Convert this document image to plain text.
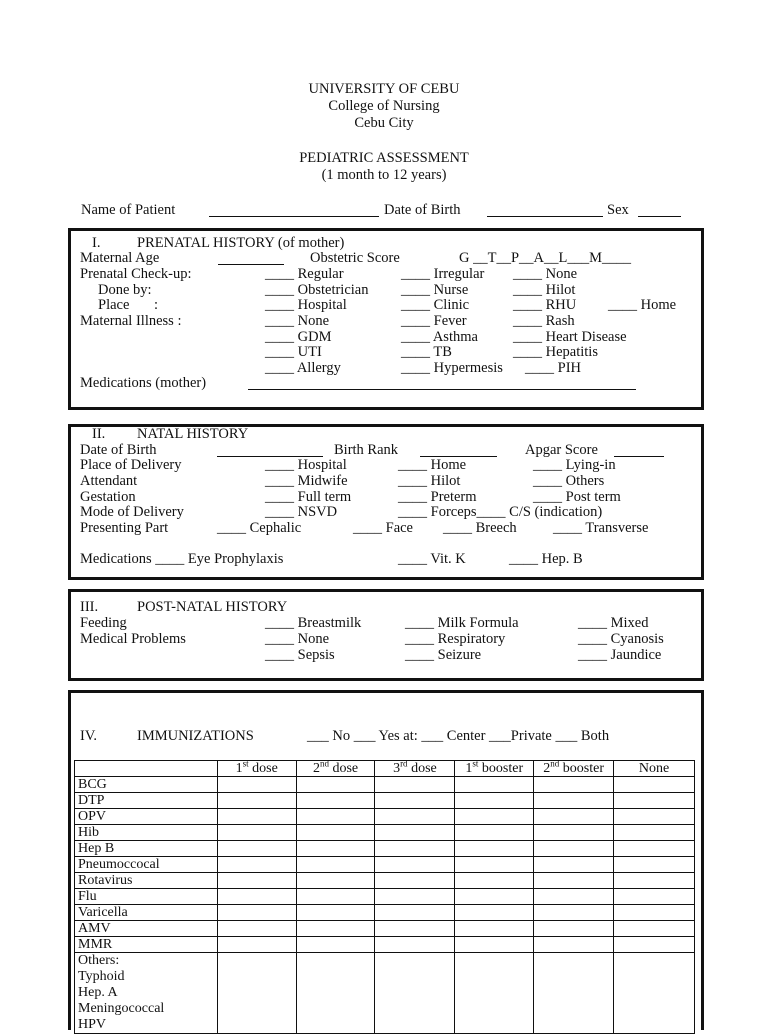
UNIVERSITY OF CEBU
College of Nursing
Cebu City
PEDIATRIC ASSESSMENT
(1 month to 12 years)
Name of Patient	Date of Birth	Sex
I.	PRENATAL HISTORY (of mother)
Maternal Age	Obstetric Score	G __T__P__A__L___M____
Prenatal Check-up:	____ Regular	____ Irregular ____ None
Done by:	____ Obstetrician ____ Nurse	____ Hilot
Place :	____ Hospital	____ Clinic	____ RHU ____ Home
Maternal Illness :	____ None	____ Fever	____ Rash
____ GDM	____ Asthma ____ Heart Disease
____ UTI	____ TB	____ Hepatitis
____ Allergy	____ Hypermesis ____ PIH
Medications (mother)
II. NATAL HISTORY
Date of Birth	Birth Rank	Apgar Score
Place of Delivery	____ Hospital	____ Home	____ Lying-in
Attendant	____ Midwife	____ Hilot	____ Others
Gestation	____ Full term	____ Preterm	____ Post term
Mode of Delivery	____ NSVD	____ Forceps____ C/S (indication)
Presenting Part	____ Cephalic	____ Face ____ Breech	____ Transverse
Medications ____ Eye Prophylaxis	____ Vit. K	____ Hep. B
III.	POST-NATAL HISTORY
Feeding	____ Breastmilk	____ Milk Formula	____ Mixed
Medical Problems	____ None	____ Respiratory	____ Cyanosis
____ Sepsis	____ Seizure	____ Jaundice
IV.	IMMUNIZATIONS	___ No ___ Yes at: ___ Center ___Private ___ Both
	1st dose	2nd dose	3rd dose	1st booster	2nd booster	None
BCG						
DTP						
OPV						
Hib						
Hep B						
Pneumoccocal						
Rotavirus						
Flu						
Varicella						
AMV						
MMR						

Others:
Typhoid
Hep. A
Meningococcal
HPV						
